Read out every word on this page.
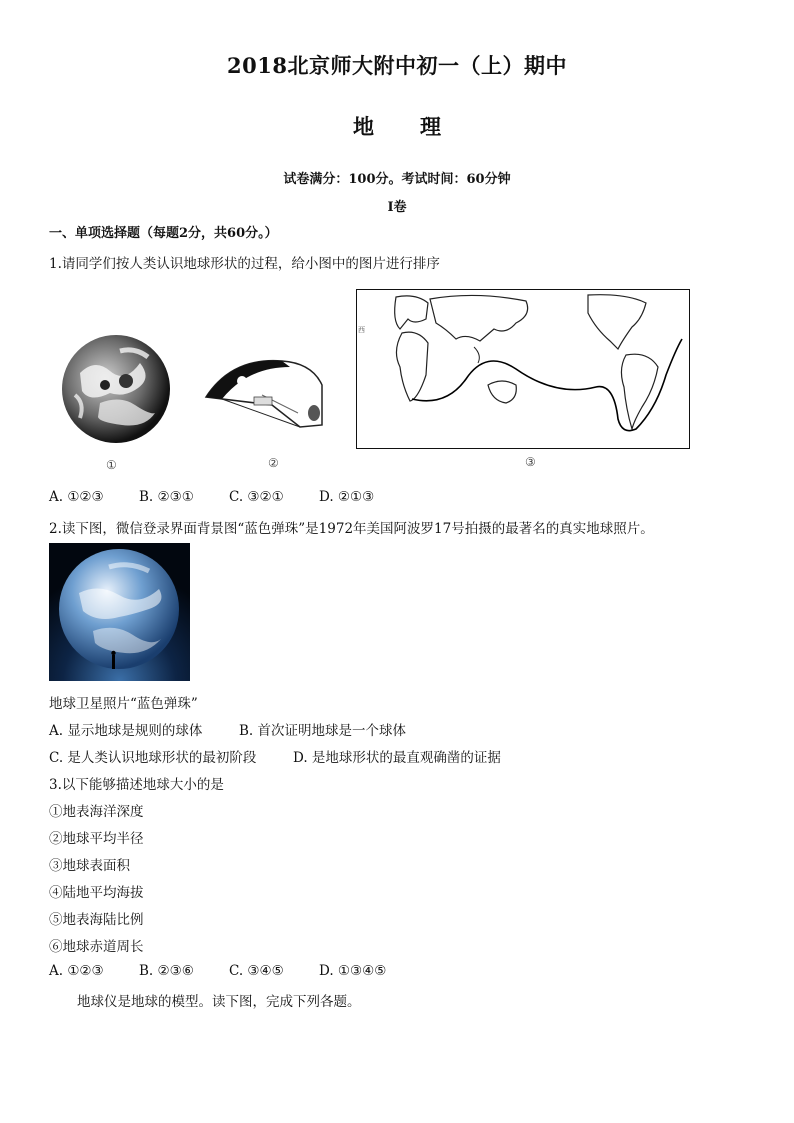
2018北京师大附中初一（上）期中
地 理
试卷满分：100分。考试时间：60分钟
I卷
一、单项选择题（每题2分，共60分。）
1.请同学们按人类认识地球形状的过程，给小图中的图片进行排序
①
★
★
②
西
③
A. ①②③	B. ②③①	C. ③②①	D. ②①③
2.读下图，微信登录界面背景图“蓝色弹珠”是1972年美国阿波罗17号拍摄的最著名的真实地球照片。
地球卫星照片“蓝色弹珠”
A. 显示地球是规则的球体	B. 首次证明地球是一个球体
C. 是人类认识地球形状的最初阶段	D. 是地球形状的最直观确凿的证据
3.以下能够描述地球大小的是
①地表海洋深度
②地球平均半径
③地球表面积
④陆地平均海拔
⑤地表海陆比例
⑥地球赤道周长
A. ①②③	B. ②③⑥	C. ③④⑤	D. ①③④⑤
地球仪是地球的模型。读下图，完成下列各题。
